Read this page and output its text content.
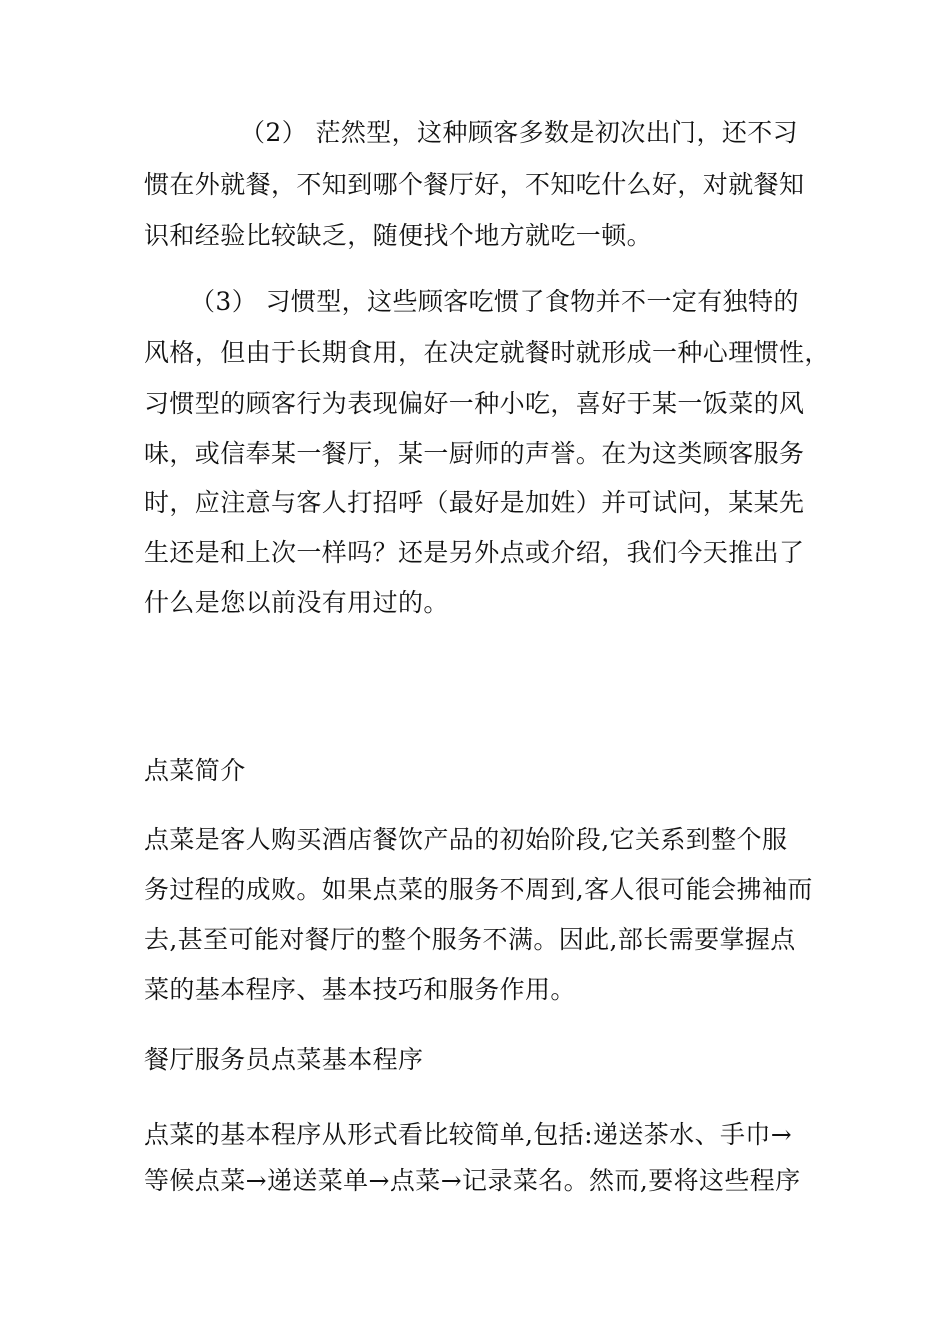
（2） 茫然型，这种顾客多数是初次出门，还不习
惯在外就餐，不知到哪个餐厅好，不知吃什么好，对就餐知
识和经验比较缺乏，随便找个地方就吃一顿。
（3） 习惯型，这些顾客吃惯了食物并不一定有独特的
风格，但由于长期食用，在决定就餐时就形成一种心理惯性，
习惯型的顾客行为表现偏好一种小吃，喜好于某一饭菜的风
味，或信奉某一餐厅，某一厨师的声誉。在为这类顾客服务
时，应注意与客人打招呼（最好是加姓）并可试问，某某先
生还是和上次一样吗？还是另外点或介绍，我们今天推出了
什么是您以前没有用过的。
点菜简介
点菜是客人购买酒店餐饮产品的初始阶段,它关系到整个服
务过程的成败。如果点菜的服务不周到,客人很可能会拂袖而
去,甚至可能对餐厅的整个服务不满。因此,部长需要掌握点
菜的基本程序、基本技巧和服务作用。
餐厅服务员点菜基本程序
点菜的基本程序从形式看比较简单,包括:递送茶水、手巾→
等候点菜→递送菜单→点菜→记录菜名。然而,要将这些程序
